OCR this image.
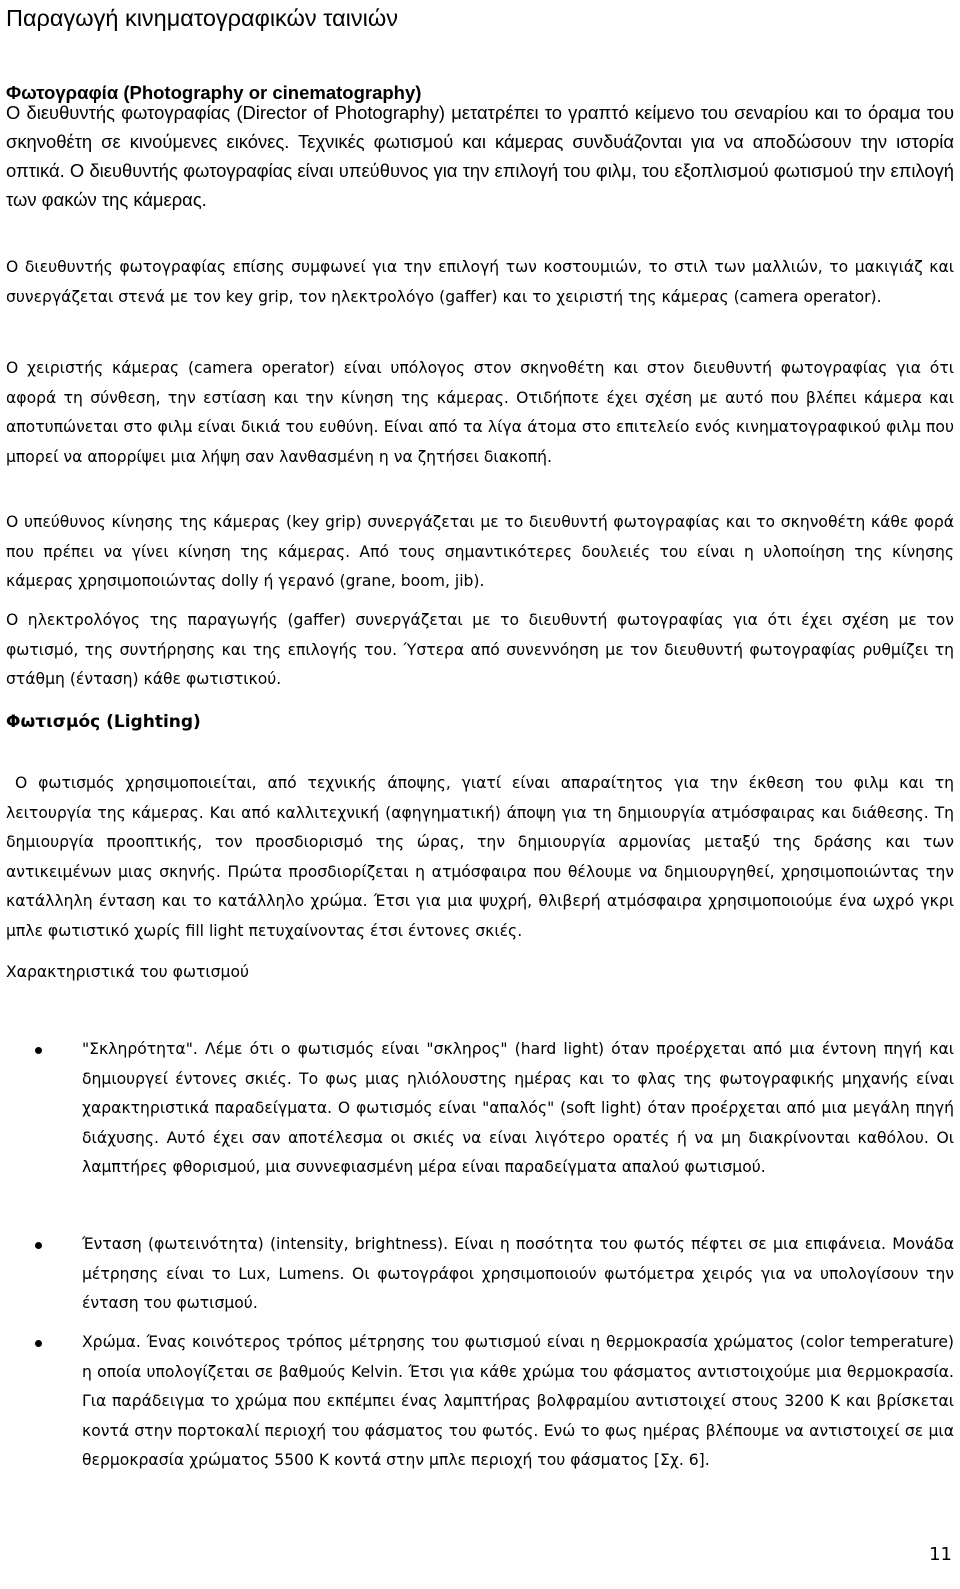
Παραγωγή κινηματογραφικών ταινιών
Φωτογραφία (Photography or cinematography)

Ο διευθυντής φωτογραφίας (Director of Photography) μετατρέπει το γραπτό κείμενο του σεναρίου και το όραμα του σκηνοθέτη σε κινούμενες εικόνες. Τεχνικές φωτισμού και κάμερας συνδυάζονται για να αποδώσουν την ιστορία οπτικά. Ο διευθυντής φωτογραφίας είναι υπεύθυνος για την επιλογή του φιλμ, του εξοπλισμού φωτισμού την επιλογή των φακών της κάμερας.

Ο διευθυντής φωτογραφίας επίσης συμφωνεί για την επιλογή των κοστουμιών, το στιλ των μαλλιών, το μακιγιάζ και συνεργάζεται στενά με τον key grip, τον ηλεκτρολόγο (gaffer) και το χειριστή της κάμερας (camera operator).

Ο χειριστής κάμερας (camera operator) είναι υπόλογος στον σκηνοθέτη και στον διευθυντή φωτογραφίας για ότι αφορά τη σύνθεση, την εστίαση και την κίνηση της κάμερας. Οτιδήποτε έχει σχέση με αυτό που βλέπει κάμερα και αποτυπώνεται στο φιλμ είναι δικιά του ευθύνη. Είναι από τα λίγα άτομα στο επιτελείο ενός κινηματογραφικού φιλμ που μπορεί να απορρίψει μια λήψη σαν λανθασμένη η να ζητήσει διακοπή.

Ο υπεύθυνος κίνησης της κάμερας (key grip) συνεργάζεται με το διευθυντή φωτογραφίας και το σκηνοθέτη κάθε φορά που πρέπει να γίνει κίνηση της κάμερας. Από τους σημαντικότερες δουλειές του είναι η υλοποίηση της κίνησης κάμερας χρησιμοποιώντας dolly ή γερανό (grane, boom, jib).

Ο ηλεκτρολόγος της παραγωγής (gaffer) συνεργάζεται με το διευθυντή φωτογραφίας για ότι έχει σχέση με τον φωτισμό, της συντήρησης και της επιλογής του. Ύστερα από συνεννόηση με τον διευθυντή φωτογραφίας ρυθμίζει τη στάθμη (ένταση) κάθε φωτιστικού.

Φωτισμός (Lighting)

Ο φωτισμός χρησιμοποιείται, από τεχνικής άποψης, γιατί είναι απαραίτητος για την έκθεση του φιλμ και τη λειτουργία της κάμερας. Και από καλλιτεχνική (αφηγηματική) άποψη για τη δημιουργία ατμόσφαιρας και διάθεσης. Τη δημιουργία προοπτικής, τον προσδιορισμό της ώρας, την δημιουργία αρμονίας μεταξύ της δράσης και των αντικειμένων μιας σκηνής. Πρώτα προσδιορίζεται η ατμόσφαιρα που θέλουμε να δημιουργηθεί, χρησιμοποιώντας την κατάλληλη ένταση και το κατάλληλο χρώμα. Έτσι για μια ψυχρή, θλιβερή ατμόσφαιρα χρησιμοποιούμε ένα ωχρό γκρι μπλε φωτιστικό χωρίς fill light πετυχαίνοντας έτσι έντονες σκιές.

Χαρακτηριστικά του φωτισμού

"Σκληρότητα". Λέμε ότι ο φωτισμός είναι "σκληρος" (hard light) όταν προέρχεται από μια έντονη πηγή και δημιουργεί έντονες σκιές. Το φως μιας ηλιόλουστης ημέρας και το φλας της φωτογραφικής μηχανής είναι χαρακτηριστικά παραδείγματα. Ο φωτισμός είναι "απαλός" (soft light) όταν προέρχεται από μια μεγάλη πηγή διάχυσης. Αυτό έχει σαν αποτέλεσμα οι σκιές να είναι λιγότερο ορατές ή να μη διακρίνονται καθόλου. Οι λαμπτήρες φθορισμού, μια συννεφιασμένη μέρα είναι παραδείγματα απαλού φωτισμού.
Ένταση (φωτεινότητα) (intensity, brightness). Είναι η ποσότητα του φωτός πέφτει σε μια επιφάνεια. Μονάδα μέτρησης είναι το Lux, Lumens. Οι φωτογράφοι χρησιμοποιούν φωτόμετρα χειρός για να υπολογίσουν την ένταση του φωτισμού.
Χρώμα. Ένας κοινότερος τρόπος μέτρησης του φωτισμού είναι η θερμοκρασία χρώματος (color temperature) η οποία υπολογίζεται σε βαθμούς Kelvin. Έτσι για κάθε χρώμα του φάσματος αντιστοιχούμε μια θερμοκρασία. Για παράδειγμα το χρώμα που εκπέμπει ένας λαμπτήρας βολφραμίου αντιστοιχεί στους 3200 K και βρίσκεται κοντά στην πορτοκαλί περιοχή του φάσματος του φωτός. Ενώ το φως ημέρας βλέπουμε να αντιστοιχεί σε μια θερμοκρασία χρώματος 5500 K κοντά στην μπλε περιοχή του φάσματος [Σχ. 6].

11
